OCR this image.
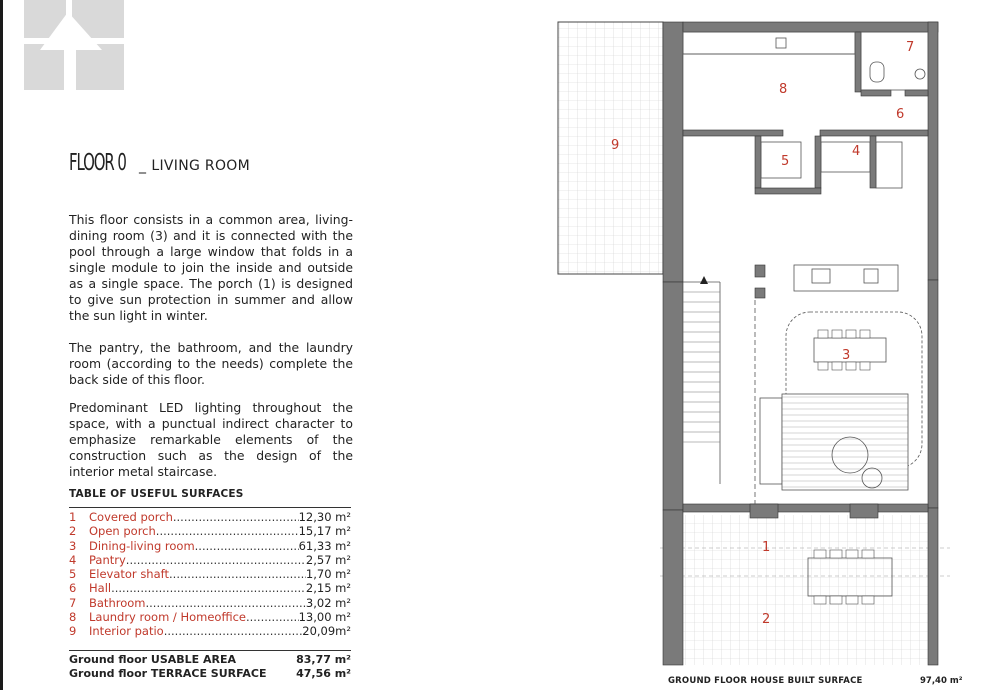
FLOOR 0 _ LIVING ROOM
This floor consists in a common area, living-dining room (3) and it is connected with the pool through a large window that folds in a single module to join the inside and outside as a single space. The porch (1) is designed to give sun protection in summer and allow the sun light in winter.
The pantry, the bathroom, and the laundry room (according to the needs) complete the back side of this floor.
Predominant LED lighting throughout the space, with a punctual indirect character to emphasize remarkable elements of the construction such as the design of the interior metal staircase.
TABLE OF USEFUL SURFACES
1	Covered porch .....	12,30 m²
2	Open porch .....	15,17 m²
3	Dining-living room .....	61,33 m²
4	Pantry .....	2,57 m²
5	Elevator shaft .....	1,70 m²
6	Hall .....	2,15 m²
7	Bathroom .....	3,02 m²
8	Laundry room / Homeoffice .....	13,00 m²
9	Interior patio .....	20,09m²
Ground floor USABLE AREA	83,77 m²
Ground floor TERRACE SURFACE	47,56 m²
1
2
3
4
5
6
7
8
9
GROUND FLOOR HOUSE BUILT SURFACE	97,40 m²
